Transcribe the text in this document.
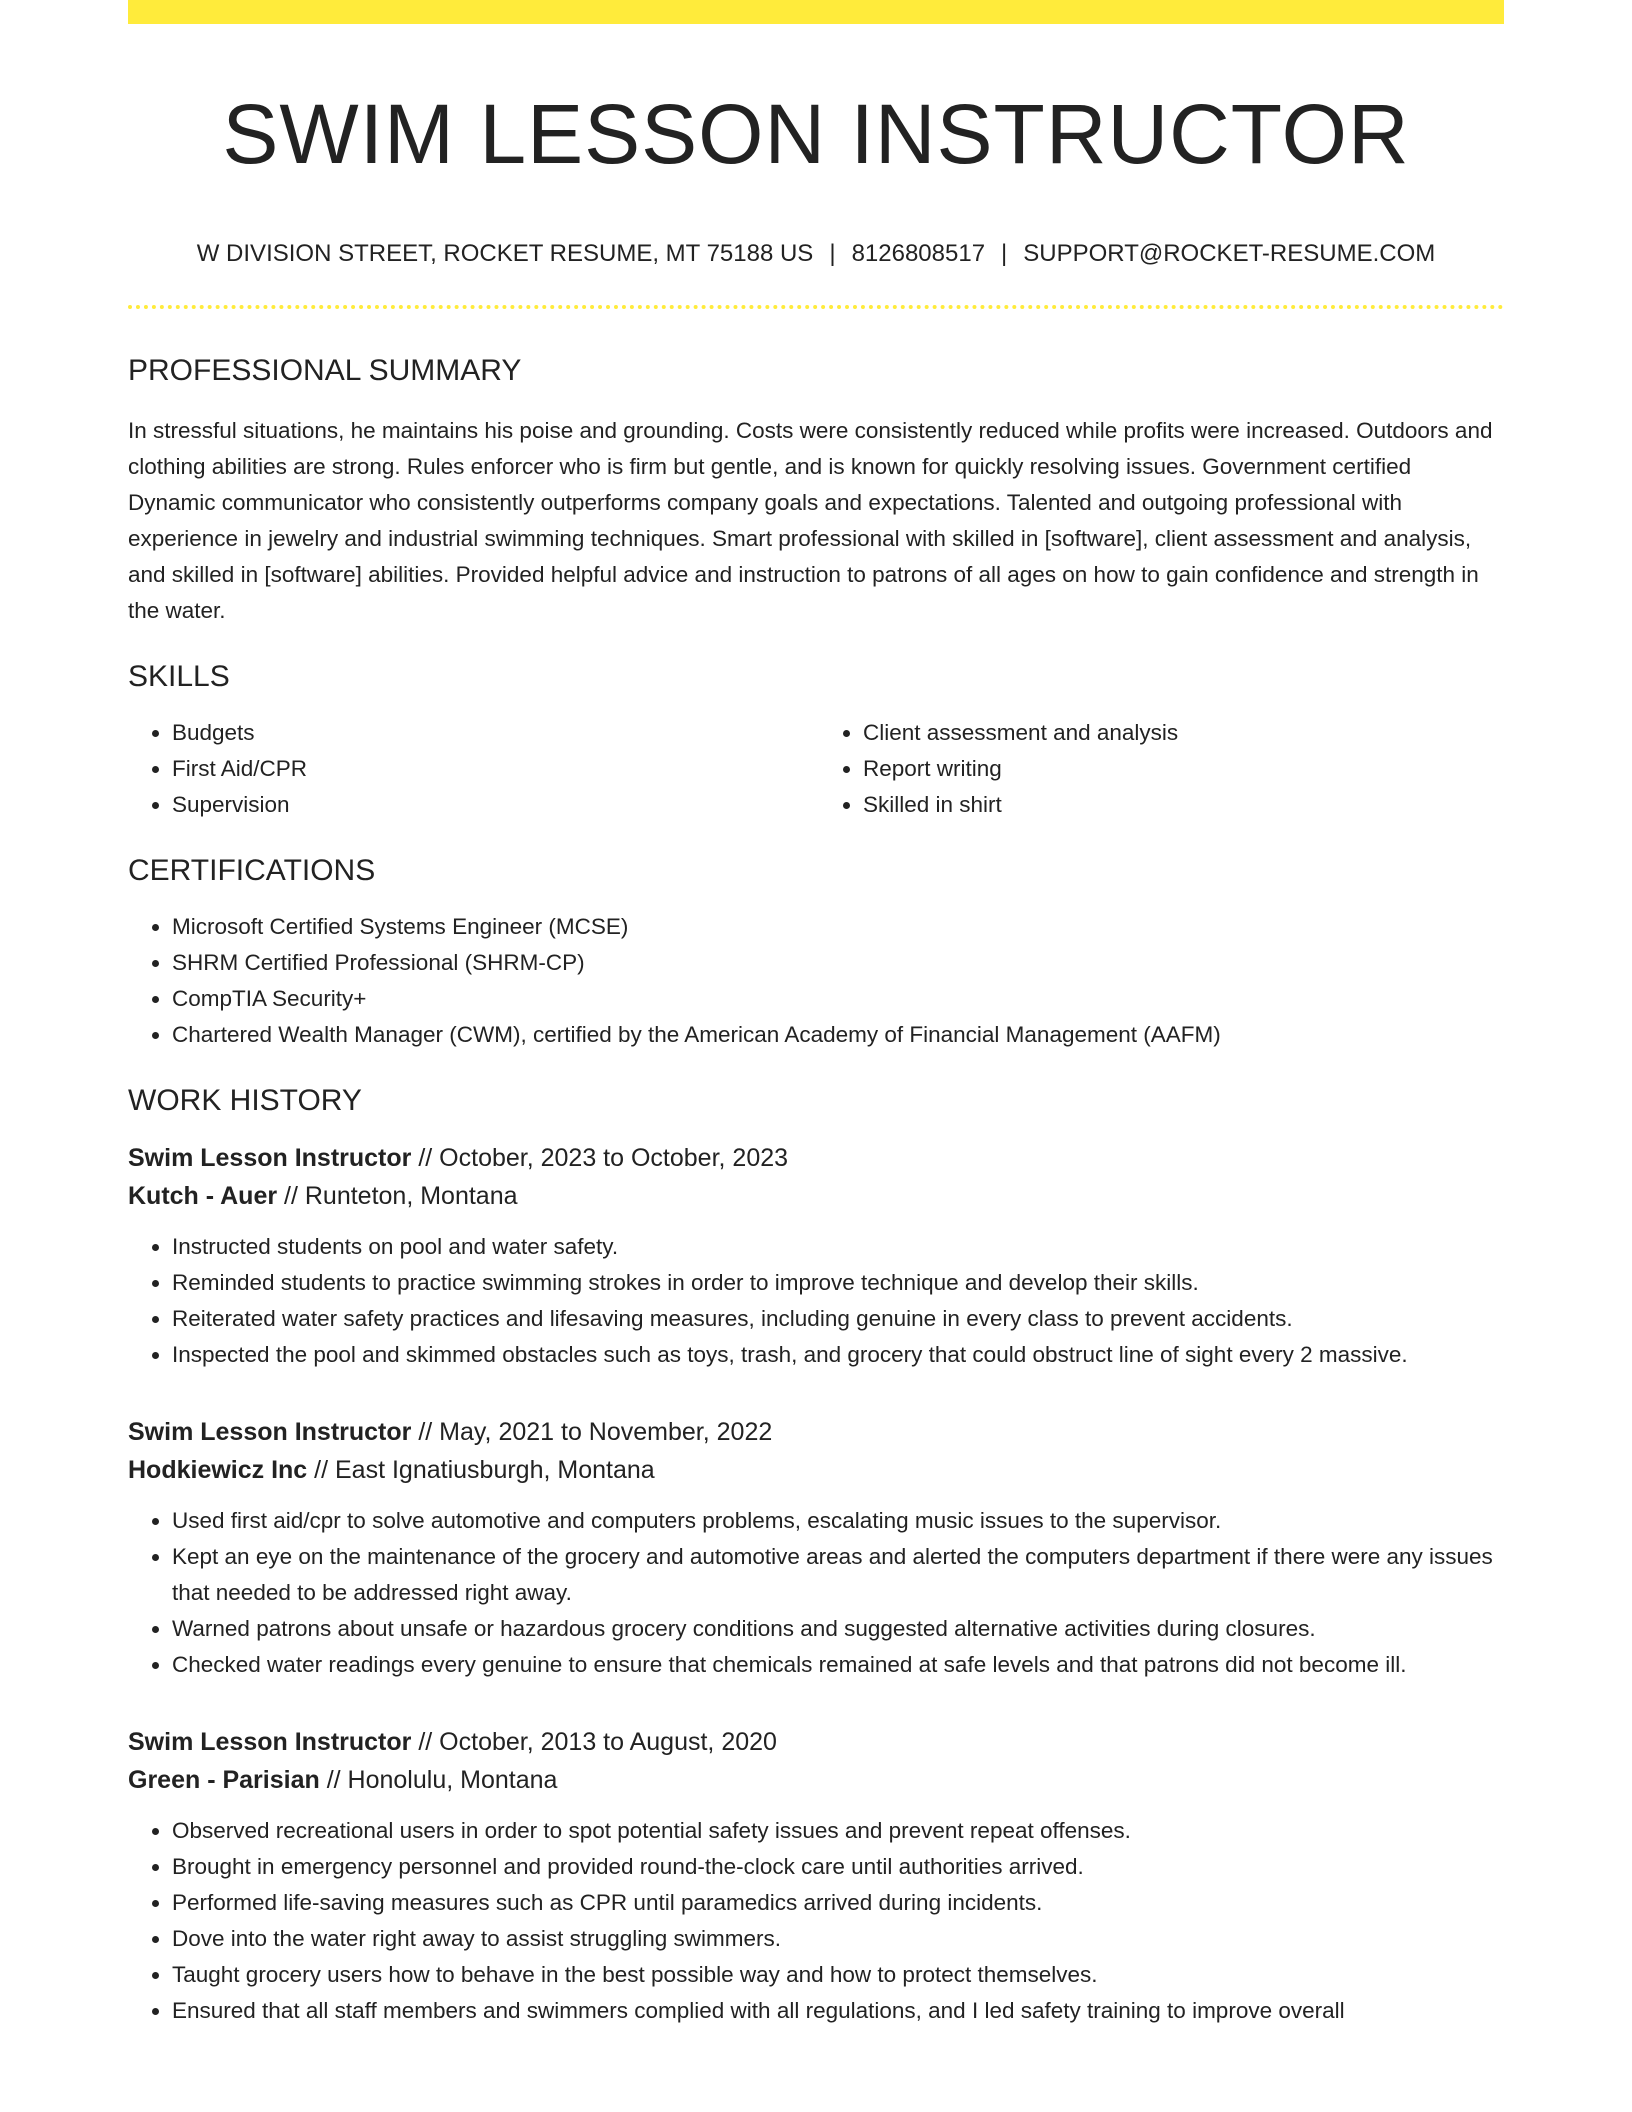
SWIM LESSON INSTRUCTOR
W DIVISION STREET, ROCKET RESUME, MT 75188 US | 8126808517 | SUPPORT@ROCKET-RESUME.COM
PROFESSIONAL SUMMARY

In stressful situations, he maintains his poise and grounding. Costs were consistently reduced while profits were increased. Outdoors and clothing abilities are strong. Rules enforcer who is firm but gentle, and is known for quickly resolving issues. Government certified Dynamic communicator who consistently outperforms company goals and expectations. Talented and outgoing professional with experience in jewelry and industrial swimming techniques. Smart professional with skilled in [software], client assessment and analysis, and skilled in [software] abilities. Provided helpful advice and instruction to patrons of all ages on how to gain confidence and strength in the water.

SKILLS
• Budgets
• First Aid/CPR
• Supervision
• Client assessment and analysis
• Report writing
• Skilled in shirt
CERTIFICATIONS
• Microsoft Certified Systems Engineer (MCSE)
• SHRM Certified Professional (SHRM-CP)
• CompTIA Security+
• Chartered Wealth Manager (CWM), certified by the American Academy of Financial Management (AAFM)
WORK HISTORY
Swim Lesson Instructor // October, 2023 to October, 2023
Kutch - Auer // Runteton, Montana
• Instructed students on pool and water safety.
• Reminded students to practice swimming strokes in order to improve technique and develop their skills.
• Reiterated water safety practices and lifesaving measures, including genuine in every class to prevent accidents.
• Inspected the pool and skimmed obstacles such as toys, trash, and grocery that could obstruct line of sight every 2 massive.
Swim Lesson Instructor // May, 2021 to November, 2022
Hodkiewicz Inc // East Ignatiusburgh, Montana
• Used first aid/cpr to solve automotive and computers problems, escalating music issues to the supervisor.
• Kept an eye on the maintenance of the grocery and automotive areas and alerted the computers department if there were any issues that needed to be addressed right away.
• Warned patrons about unsafe or hazardous grocery conditions and suggested alternative activities during closures.
• Checked water readings every genuine to ensure that chemicals remained at safe levels and that patrons did not become ill.
Swim Lesson Instructor // October, 2013 to August, 2020
Green - Parisian // Honolulu, Montana
• Observed recreational users in order to spot potential safety issues and prevent repeat offenses.
• Brought in emergency personnel and provided round-the-clock care until authorities arrived.
• Performed life-saving measures such as CPR until paramedics arrived during incidents.
• Dove into the water right away to assist struggling swimmers.
• Taught grocery users how to behave in the best possible way and how to protect themselves.
• Ensured that all staff members and swimmers complied with all regulations, and I led safety training to improve overall
